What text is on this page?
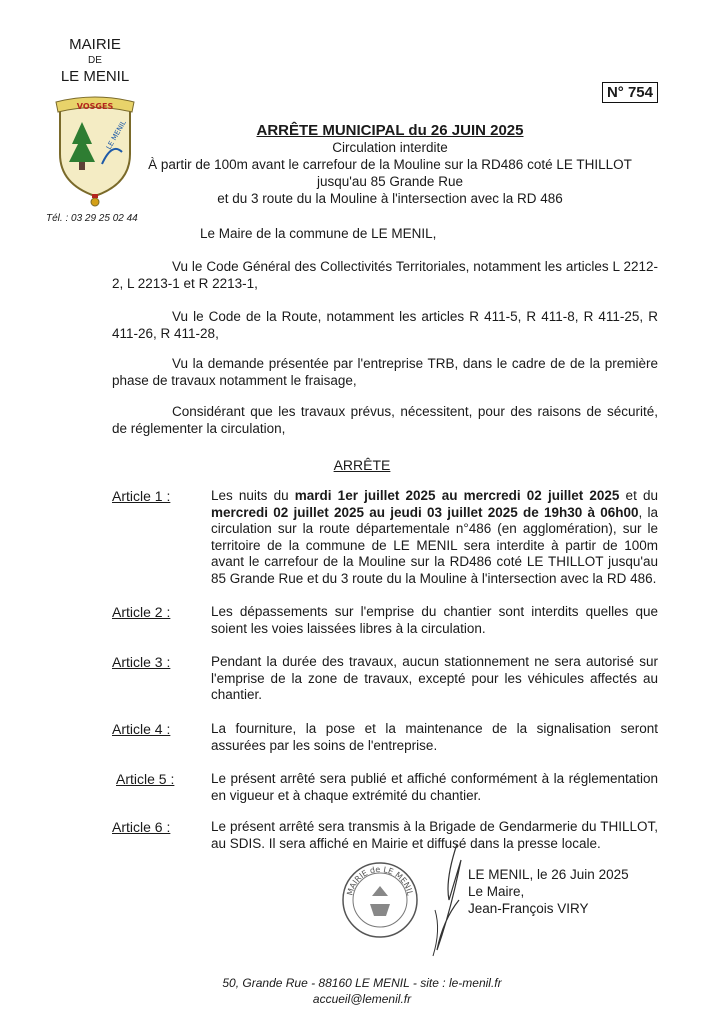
MAIRIE
DE
LE MENIL
VOSGES
LE MENIL
Tél. : 03 29 25 02 44
N° 754
ARRÊTE MUNICIPAL du 26 JUIN 2025
Circulation interdite
À partir de 100m avant le carrefour de la Mouline sur la RD486 coté LE THILLOT
jusqu'au 85 Grande Rue
et du 3 route du la Mouline à l'intersection avec la RD 486
Le Maire de la commune de LE MENIL,
Vu le Code Général des Collectivités Territoriales, notamment les articles L 2212-2, L 2213-1 et R 2213-1,
Vu le Code de la Route, notamment les articles R 411-5, R 411-8, R 411-25, R 411-26, R 411-28,
Vu la demande présentée par l'entreprise TRB, dans le cadre de de la première phase de travaux notamment le fraisage,
Considérant que les travaux prévus, nécessitent, pour des raisons de sécurité, de réglementer la circulation,
ARRÊTE
Article 1 :	Les nuits du mardi 1er juillet 2025 au mercredi 02 juillet 2025 et du mercredi 02 juillet 2025 au jeudi 03 juillet 2025 de 19h30 à 06h00, la circulation sur la route départementale n°486 (en agglomération), sur le territoire de la commune de LE MENIL sera interdite à partir de 100m avant le carrefour de la Mouline sur la RD486 coté LE THILLOT jusqu'au 85 Grande Rue et du 3 route du la Mouline à l'intersection avec la RD 486.
Article 2 :	Les dépassements sur l'emprise du chantier sont interdits quelles que soient les voies laissées libres à la circulation.
Article 3 :	Pendant la durée des travaux, aucun stationnement ne sera autorisé sur l'emprise de la zone de travaux, excepté pour les véhicules affectés au chantier.
Article 4 :	La fourniture, la pose et la maintenance de la signalisation seront assurées par les soins de l'entreprise.
Article 5 :	Le présent arrêté sera publié et affiché conformément à la réglementation en vigueur et à chaque extrémité du chantier.
Article 6 :	Le présent arrêté sera transmis à la Brigade de Gendarmerie du THILLOT, au SDIS. Il sera affiché en Mairie et diffusé dans la presse locale.
MAIRIE de LE MENIL
LE MENIL, le 26 Juin 2025
Le Maire,
Jean-François VIRY
50, Grande Rue - 88160 LE MENIL - site : le-menil.fr
accueil@lemenil.fr
